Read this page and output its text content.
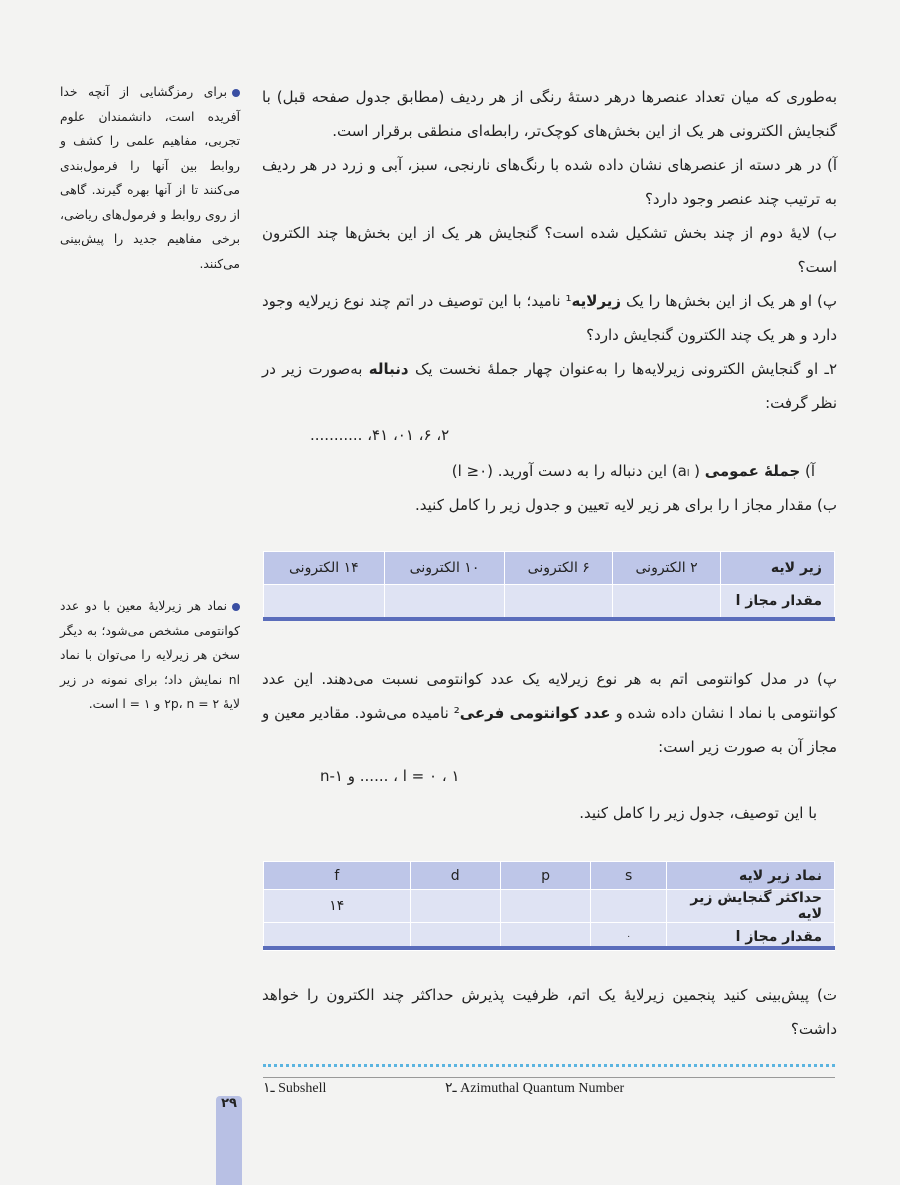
به‌طوری که میان تعداد عنصرها درهر دستهٔ رنگی از هر ردیف (مطابق جدول صفحه قبل) با گنجایش الکترونی هر یک از این بخش‌های کوچک‌تر، رابطه‌ای منطقی برقرار است.

آ) در هر دسته از عنصرهای نشان داده شده با رنگ‌های نارنجی، سبز، آبی و زرد در هر ردیف به ترتیب چند عنصر وجود دارد؟

ب) لایهٔ دوم از چند بخش تشکیل شده است؟ گنجایش هر یک از این بخش‌ها چند الکترون است؟

پ) او هر یک از این بخش‌ها را یک زیرلایه¹ نامید؛ با این توصیف در اتم چند نوع زیرلایه وجود دارد و هر یک چند الکترون گنجایش دارد؟

۲ـ او گنجایش الکترونی زیرلایه‌ها را به‌عنوان چهار جملهٔ نخست یک دنباله به‌صورت زیر در نظر گرفت:

۲، ۶، ۱۰، ۱۴، ...........
آ) جملهٔ عمومی ( aₗ) این دنباله را به دست آورید. (l ≥۰)
ب) مقدار مجاز l را برای هر زیر لایه تعیین و جدول زیر را کامل کنید.
برای رمزگشایی از آنچه خدا آفریده است، دانشمندان علوم تجربی، مفاهیم علمی را کشف و روابط بین آنها را فرمول‌بندی می‌کنند تا از آنها بهره گیرند. گاهی از روی روابط و فرمول‌های ریاضی، برخی مفاهیم جدید را پیش‌بینی می‌کنند.
نماد هر زیرلایهٔ معین با دو عدد کوانتومی مشخص می‌شود؛ به دیگر سخن هر زیرلایه را می‌توان با نماد nl نمایش داد؛ برای نمونه در زیر لایهٔ ۲p، n = ۲ و l = ۱ است.
زیر لایه	۲ الکترونی	۶ الکترونی	۱۰ الکترونی	۱۴ الکترونی
مقدار مجاز l				

پ) در مدل کوانتومی اتم به هر نوع زیرلایه یک عدد کوانتومی نسبت می‌دهند. این عدد کوانتومی با نماد l نشان داده شده و عدد کوانتومی فرعی² نامیده می‌شود. مقادیر معین و مجاز آن به صورت زیر است:

l = ۰ ، ۱ ، ...... و n-۱
با این توصیف، جدول زیر را کامل کنید.
نماد زیر لایه	s	p	d	f
حداکثر گنجایش زیر لایه				۱۴
مقدار مجاز l	۰			
ت) پیش‌بینی کنید پنجمین زیرلایهٔ یک اتم، ظرفیت پذیرش حداکثر چند الکترون را خواهد داشت؟
۱ـ Subshell	۲ـ Azimuthal Quantum Number
۲۹
